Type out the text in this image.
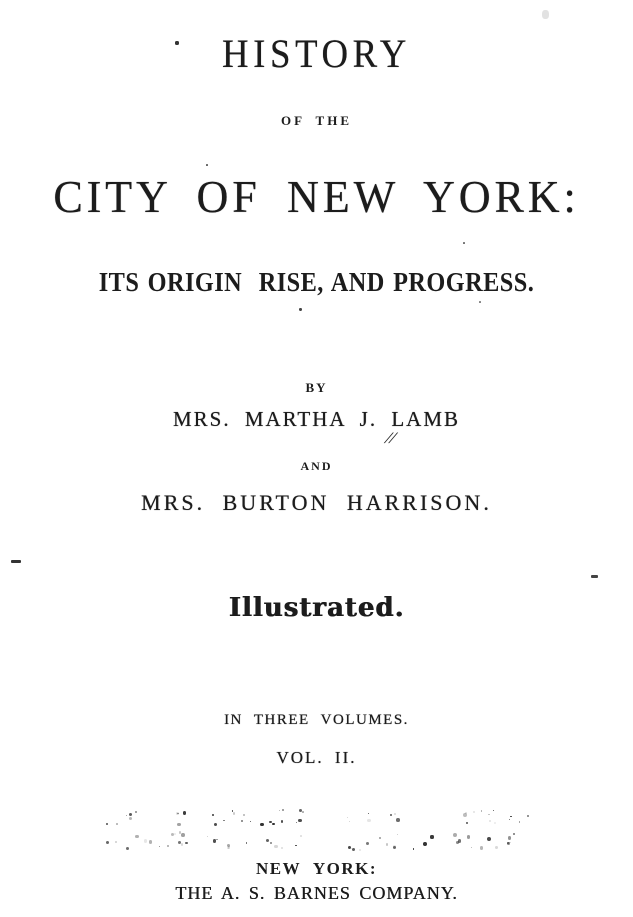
HISTORY
OF THE
CITY OF NEW YORK:
ITS ORIGIN  RISE, AND PROGRESS.
BY
MRS. MARTHA J. LAMB
//
AND
MRS. BURTON HARRISON.
Illustrated.
IN THREE VOLUMES.
VOL. II.
NEW YORK:
THE A. S. BARNES COMPANY.
